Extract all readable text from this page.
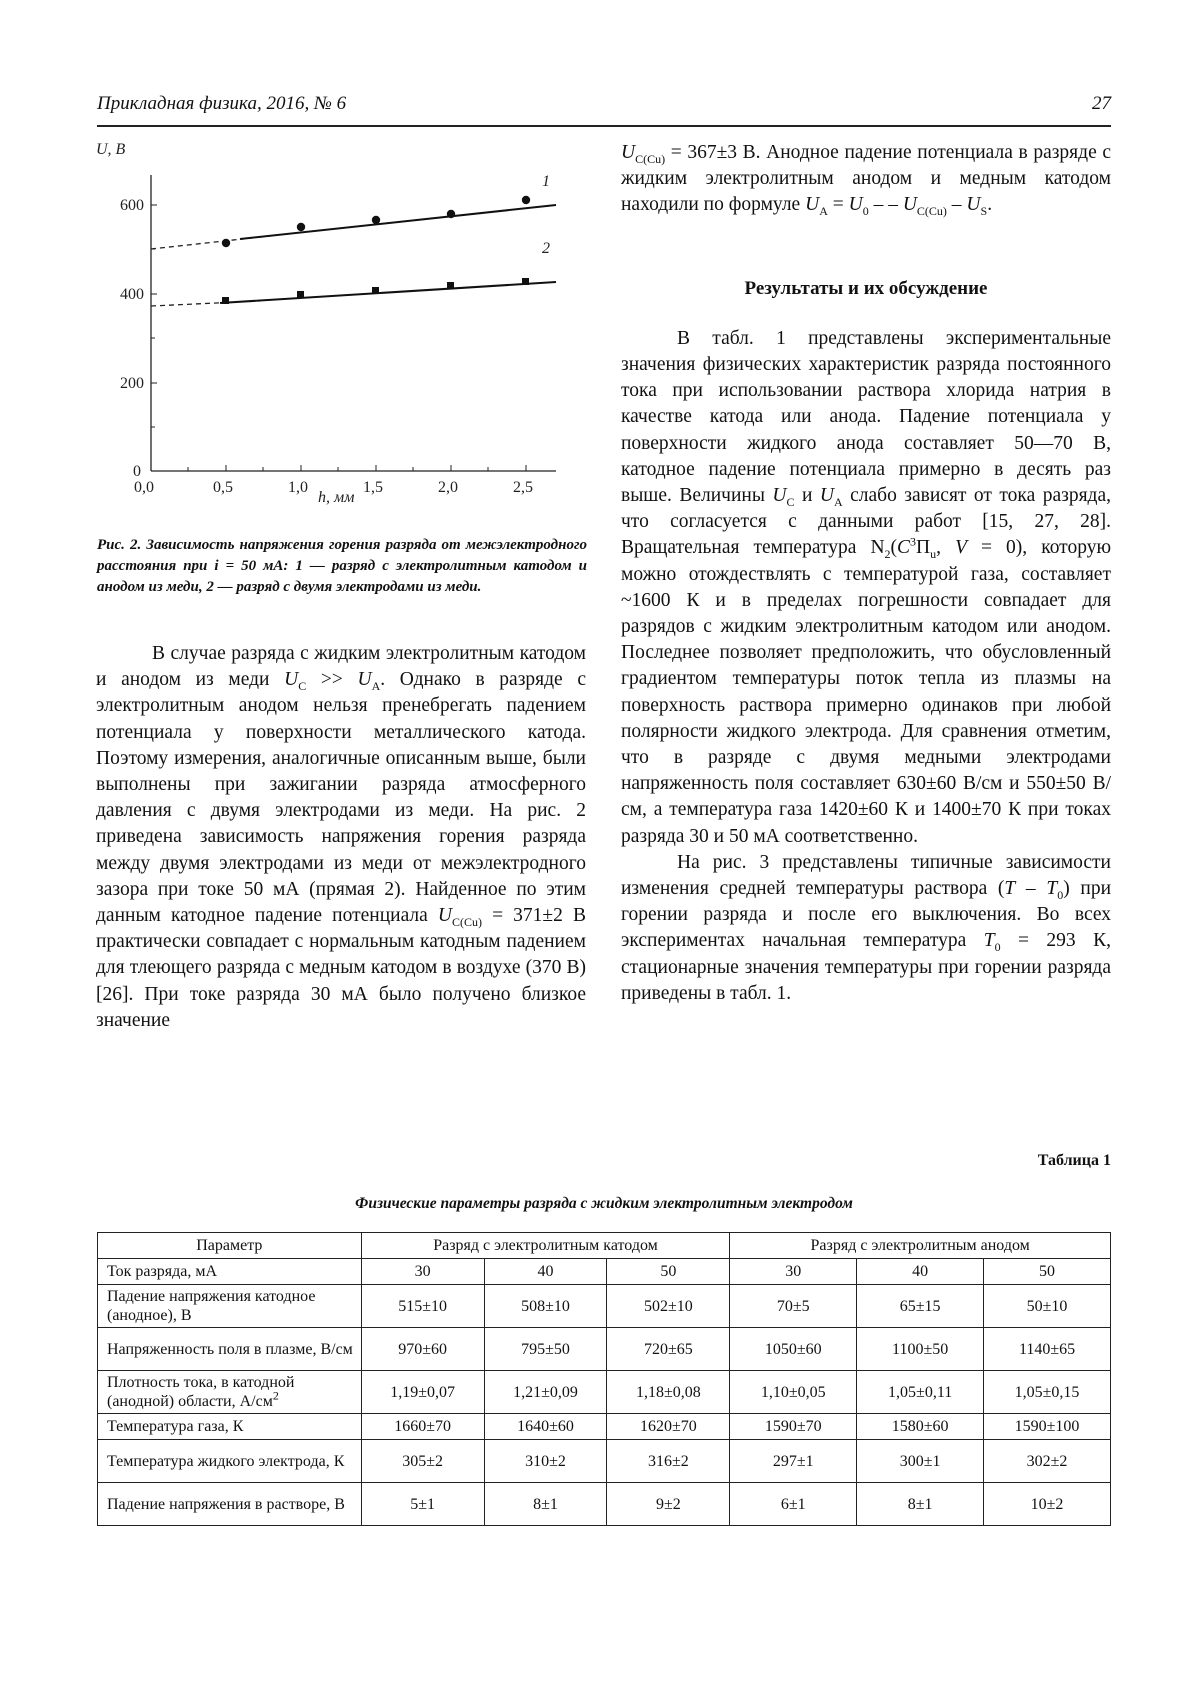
Прикладная физика, 2016, № 6	27
600
400
200
0
U, В
0,0	0,5	1,0	1,5	2,0	2,5
h, мм
1
2
Рис. 2. Зависимость напряжения горения разряда от межэлектродного расстояния при i = 50 мА: 1 — разряд с электролитным катодом и анодом из меди, 2 — разряд с двумя электродами из меди.

В случае разряда с жидким электролитным катодом и анодом из меди $U_C >> U_A$. Однако в разряде с электролитным анодом нельзя пренебрегать падением потенциала у поверхности металлического катода. Поэтому измерения, аналогичные описанным выше, были выполнены при зажигании разряда атмосферного давления с двумя электродами из меди. На рис. 2 приведена зависимость напряжения горения разряда между двумя электродами из меди от межэлектродного зазора при токе 50 мА (прямая 2). Найденное по этим данным катодное падение потенциала $U_{C(Cu)} = 371\pm 2$ В практически совпадает с нормальным катодным падением для тлеющего разряда с медным катодом в воздухе (370 В) [26]. При токе разряда 30 мА было получено близкое значение

$U_{C(Cu)} = 367\pm 3$ В. Анодное падение потенциала в разряде с жидким электролитным анодом и медным катодом находили по формуле $U_A = U_0$ – – $U_{C(Cu)} - U_S$.

Результаты и их обсуждение

В табл. 1 представлены экспериментальные значения физических характеристик разряда постоянного тока при использовании раствора хлорида натрия в качестве катода или анода. Падение потенциала у поверхности жидкого анода составляет 50—70 В, катодное падение потенциала примерно в десять раз выше. Величины $U_C$ и $U_A$ слабо зависят от тока разряда, что согласуется с данными работ [15, 27, 28]. Вращательная температура $N_2(C^3\Pi_u$, V = 0), которую можно отождествлять с температурой газа, составляет ~1600 К и в пределах погрешности совпадает для разрядов с жидким электролитным катодом или анодом. Последнее позволяет предположить, что обусловленный градиентом температуры поток тепла из плазмы на поверхность раствора примерно одинаков при любой полярности жидкого электрода. Для сравнения отметим, что в разряде с двумя медными электродами напряженность поля составляет 630±60 В/см и 550±50 В/см, а температура газа 1420±60 К и 1400±70 К при токах разряда 30 и 50 мА соответственно.

На рис. 3 представлены типичные зависимости изменения средней температуры раствора $(T - T_0)$ при горении разряда и после его выключения. Во всех экспериментах начальная температура $T_0 = 293$ К, стационарные значения температуры при горении разряда приведены в табл. 1.

Таблица 1
Физические параметры разряда с жидким электролитным электродом
Параметр	Разряд с электролитным катодом			Разряд с электролитным анодом		
Ток разряда, мА	30	40	50	30	40	50
Падение напряжения катодное (анодное), В	515±10	508±10	502±10	70±5	65±15	50±10
Напряженность поля в плазме, В/см	970±60	795±50	720±65	1050±60	1100±50	1140±65
Плотность тока, в катодной (анодной) области, $А/см^2$	1,19±0,07	1,21±0,09	1,18±0,08	1,10±0,05	1,05±0,11	1,05±0,15
Температура газа, К	1660±70	1640±60	1620±70	1590±70	1580±60	1590±100
Температура жидкого электрода, К	305±2	310±2	316±2	297±1	300±1	302±2
Падение напряжения в растворе, В	5±1	8±1	9±2	6±1	8±1	10±2
